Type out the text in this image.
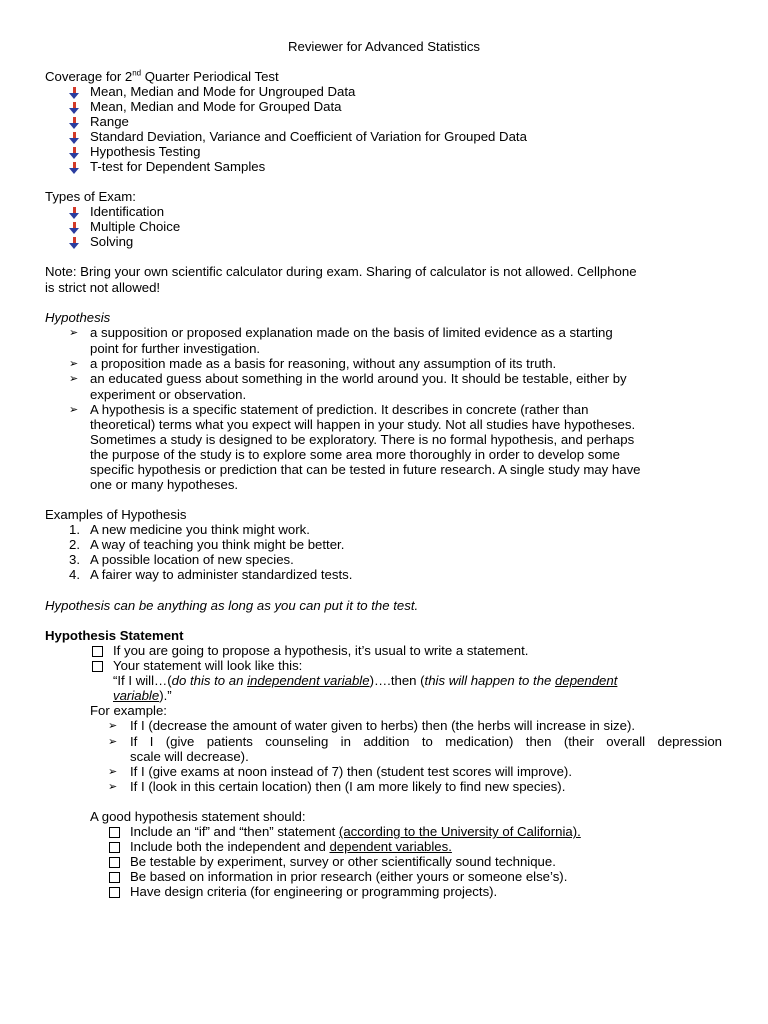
Reviewer for Advanced Statistics
Coverage for 2nd Quarter Periodical Test
Mean, Median and Mode for Ungrouped Data
Mean, Median and Mode for Grouped Data
Range
Standard Deviation, Variance and Coefficient of Variation for Grouped Data
Hypothesis Testing
T-test for Dependent Samples
Types of Exam:
Identification
Multiple Choice
Solving
Note: Bring your own scientific calculator during exam. Sharing of calculator is not allowed. Cellphone
is strict not allowed!
Hypothesis
➢ a supposition or proposed explanation made on the basis of limited evidence as a starting
point for further investigation.
➢ a proposition made as a basis for reasoning, without any assumption of its truth.
➢ an educated guess about something in the world around you. It should be testable, either by
experiment or observation.
➢ A hypothesis is a specific statement of prediction. It describes in concrete (rather than
theoretical) terms what you expect will happen in your study. Not all studies have hypotheses.
Sometimes a study is designed to be exploratory. There is no formal hypothesis, and perhaps
the purpose of the study is to explore some area more thoroughly in order to develop some
specific hypothesis or prediction that can be tested in future research. A single study may have
one or many hypotheses.
Examples of Hypothesis
1. A new medicine you think might work.
2. A way of teaching you think might be better.
3. A possible location of new species.
4. A fairer way to administer standardized tests.
Hypothesis can be anything as long as you can put it to the test.
Hypothesis Statement
If you are going to propose a hypothesis, it’s usual to write a statement.
Your statement will look like this:
“If I will…(do this to an independent variable)….then (this will happen to the dependent
variable).”
For example:
➢ If I (decrease the amount of water given to herbs) then (the herbs will increase in size).
➢ If I (give patients counseling in addition to medication) then (their overall depression
scale will decrease).
➢ If I (give exams at noon instead of 7) then (student test scores will improve).
➢ If I (look in this certain location) then (I am more likely to find new species).
A good hypothesis statement should:
Include an “if” and “then” statement (according to the University of California).
Include both the independent and dependent variables.
Be testable by experiment, survey or other scientifically sound technique.
Be based on information in prior research (either yours or someone else’s).
Have design criteria (for engineering or programming projects).
